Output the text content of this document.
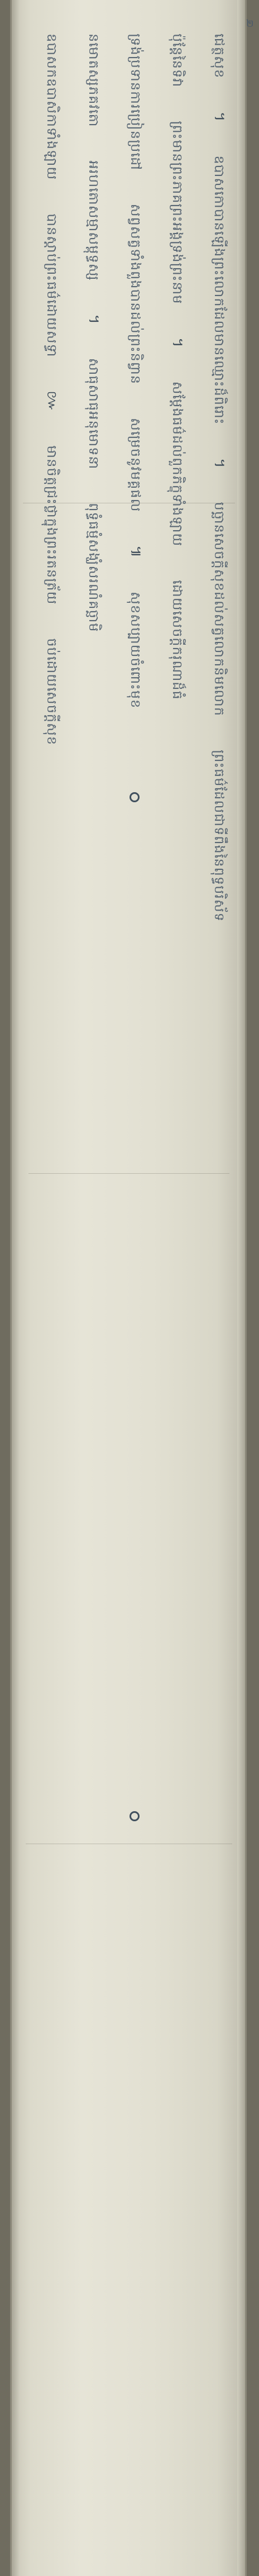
២
ជេត្ថសុខ
។
ឧបាសកោបានឡើងព្រះលោកដែលមានឈ្មោះដ៏ពិរោះ
។
បច្ឆានសេចក្ដីសុខដល់សត្វលោកនិមលោក
ព្រះធម៌ដែលជាទីពឹងនៃពុទ្ធបរិស័ទ
ប៉ុន្តែនៃទិវា
ព្រះមានព្រះភាគព្រះអង្គទ្រង់ព្រះនាម
។
សម្ដែងធម៌ដល់ពួកភិក្ខុទាំងឡាយ
ដោយសេចក្ដីករុណាដ៏ធំ
ទ្រង់ប្រទានការប្រៀនប្រដៅ
សព្វសត្វទាំងពួងបានដល់ព្រះនិព្វាន
សម្រេចនូវមគ្គផល
៕
សុខសប្បាយចំពោះមុខ
នមោតស្សភគវតោ
អរហតោសម្មាសម្ពុទ្ធស្ស
។
សាធុសាធុអនុមោទនា
ពុទ្ធំធម្មំសង្ឃំសរណំគច្ឆាមិ
ឧបាសកឧបាសិកាទាំងឡាយ
បានស្ដាប់ព្រះធម៌ដោយសទ្ធា
៚
មានចិត្តជ្រះថ្លាក្នុងព្រះរតនត្រ័យ
ចប់ដោយសេចក្ដីសុខ
